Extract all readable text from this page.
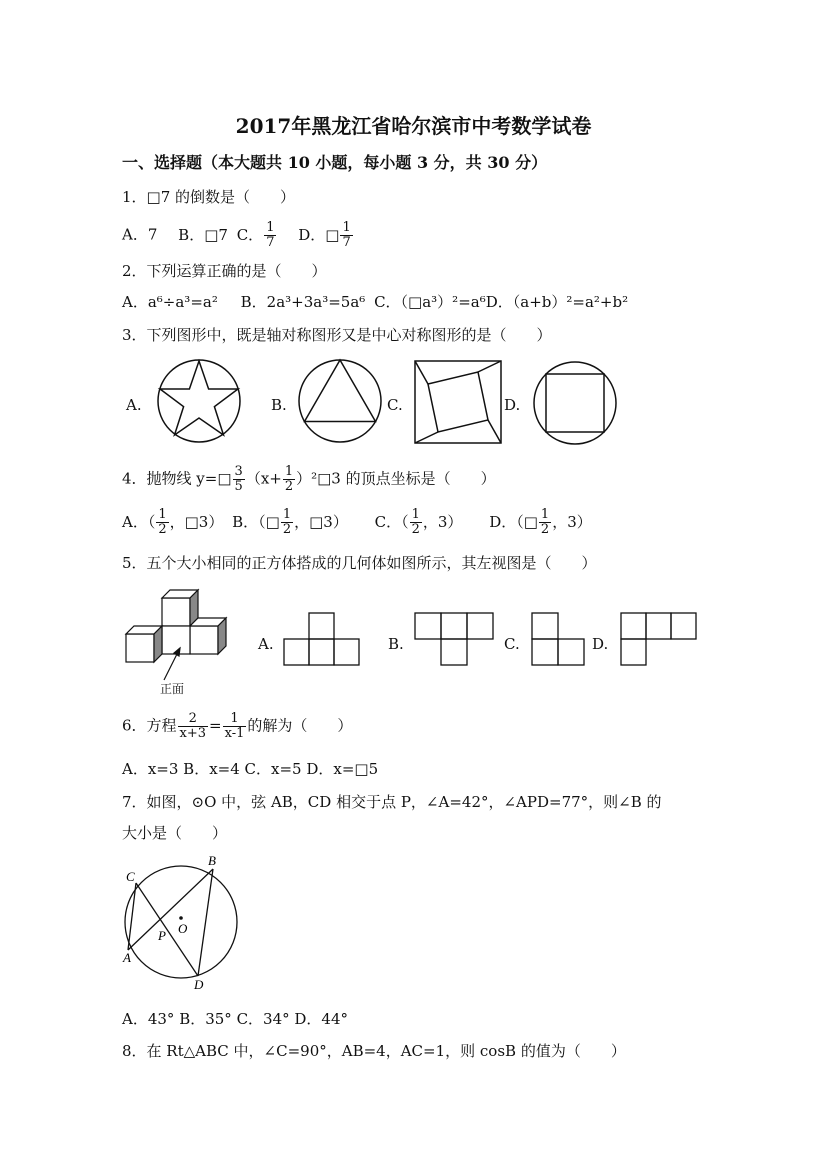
2017年黑龙江省哈尔滨市中考数学试卷
一、选择题（本大题共 10 小题，每小题 3 分，共 30 分）
1．□7 的倒数是（　　）
A．7 B．□7 C． $\frac{1}{7}$ D．□ $\frac{1}{7}$
2．下列运算正确的是（　　）
A．a⁶÷a³=a² B．2a³+3a³=5a⁶ C．（□a³）²=a⁶D．（a+b）²=a²+b²
3．下列图形中，既是轴对称图形又是中心对称图形的是（　　）
A.	B.	C.	D.
4．抛物线 y=□ $\frac{3}{5} (x+ \frac{1}{2}$ ）²□3 的顶点坐标是（　　）
A．（ $\frac{1}{2}$ ，□3） B．（□ $\frac{1}{2}$ ，□3） C．（ $\frac{1}{2}$ ，3） D．（□ $\frac{1}{2}$ ，3）
5．五个大小相同的正方体搭成的几何体如图所示，其左视图是（　　）
正面
A.	B.	C.	D.
6．方程 $\frac{2}{x+3} = \frac{1}{x-1}$ 的解为（　　）
A．x=3 B．x=4 C．x=5 D．x=□5
7．如图，⊙O 中，弦 AB，CD 相交于点 P，∠A=42°，∠APD=77°，则∠B 的
大小是（　　）
C
B
A
D
P O
A．43° B．35° C．34° D．44°
8．在 Rt△ABC 中，∠C=90°，AB=4，AC=1，则 cosB 的值为（　　）
